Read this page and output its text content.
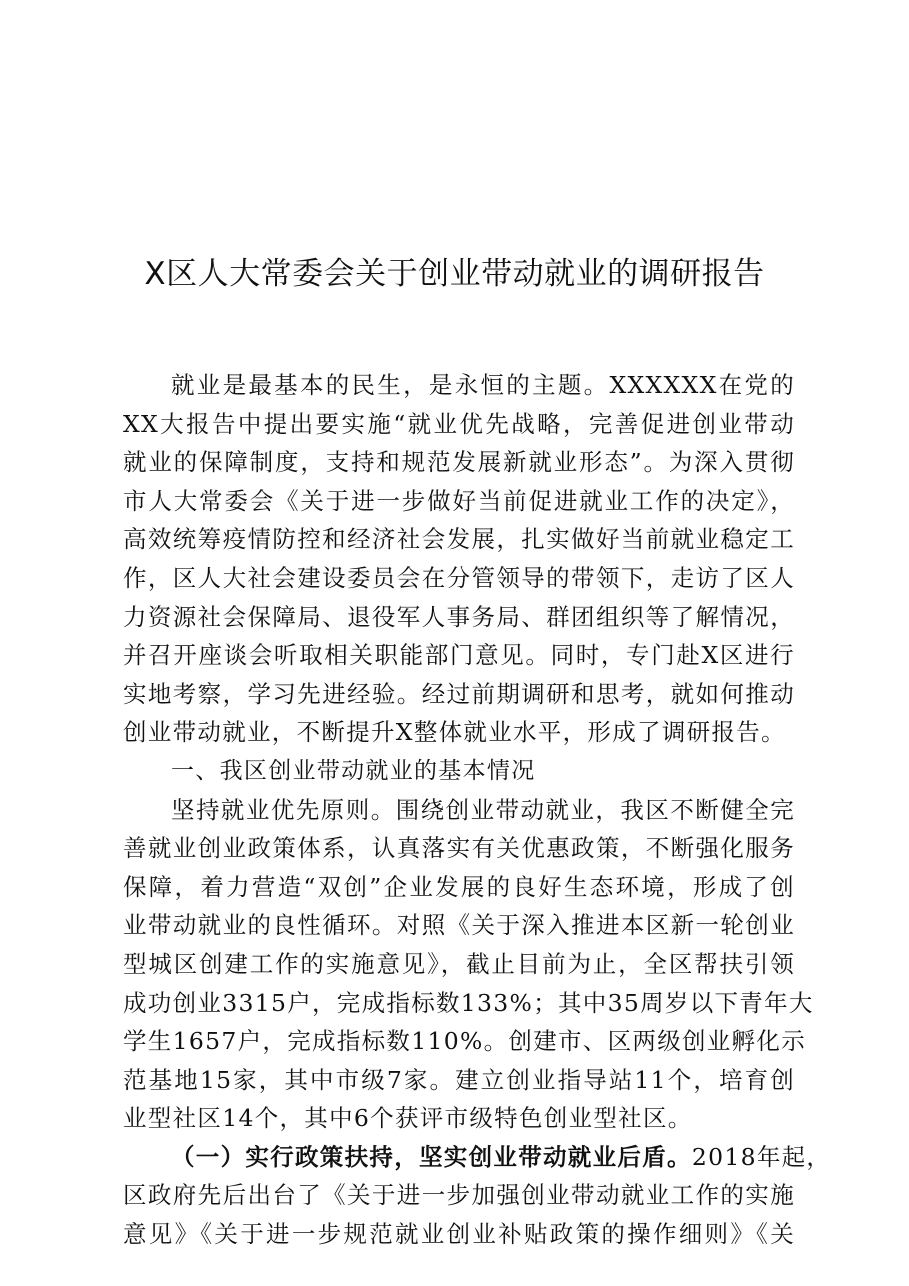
X区人大常委会关于创业带动就业的调研报告
就业是最基本的民生，是永恒的主题。XXXXXX在党的
XX大报告中提出要实施“就业优先战略，完善促进创业带动
就业的保障制度，支持和规范发展新就业形态”。为深入贯彻
市人大常委会《关于进一步做好当前促进就业工作的决定》，
高效统筹疫情防控和经济社会发展，扎实做好当前就业稳定工
作，区人大社会建设委员会在分管领导的带领下，走访了区人
力资源社会保障局、退役军人事务局、群团组织等了解情况，
并召开座谈会听取相关职能部门意见。同时，专门赴X区进行
实地考察，学习先进经验。经过前期调研和思考，就如何推动
创业带动就业，不断提升X整体就业水平，形成了调研报告。
一、我区创业带动就业的基本情况
坚持就业优先原则。围绕创业带动就业，我区不断健全完
善就业创业政策体系，认真落实有关优惠政策，不断强化服务
保障，着力营造“双创”企业发展的良好生态环境，形成了创
业带动就业的良性循环。对照《关于深入推进本区新一轮创业
型城区创建工作的实施意见》，截止目前为止，全区帮扶引领
成功创业3315户，完成指标数133%；其中35周岁以下青年大
学生1657户，完成指标数110%。创建市、区两级创业孵化示
范基地15家，其中市级7家。建立创业指导站11个，培育创
业型社区14个，其中6个获评市级特色创业型社区。
（一）实行政策扶持，坚实创业带动就业后盾。2018年起，
区政府先后出台了《关于进一步加强创业带动就业工作的实施
意见》《关于进一步规范就业创业补贴政策的操作细则》《关
